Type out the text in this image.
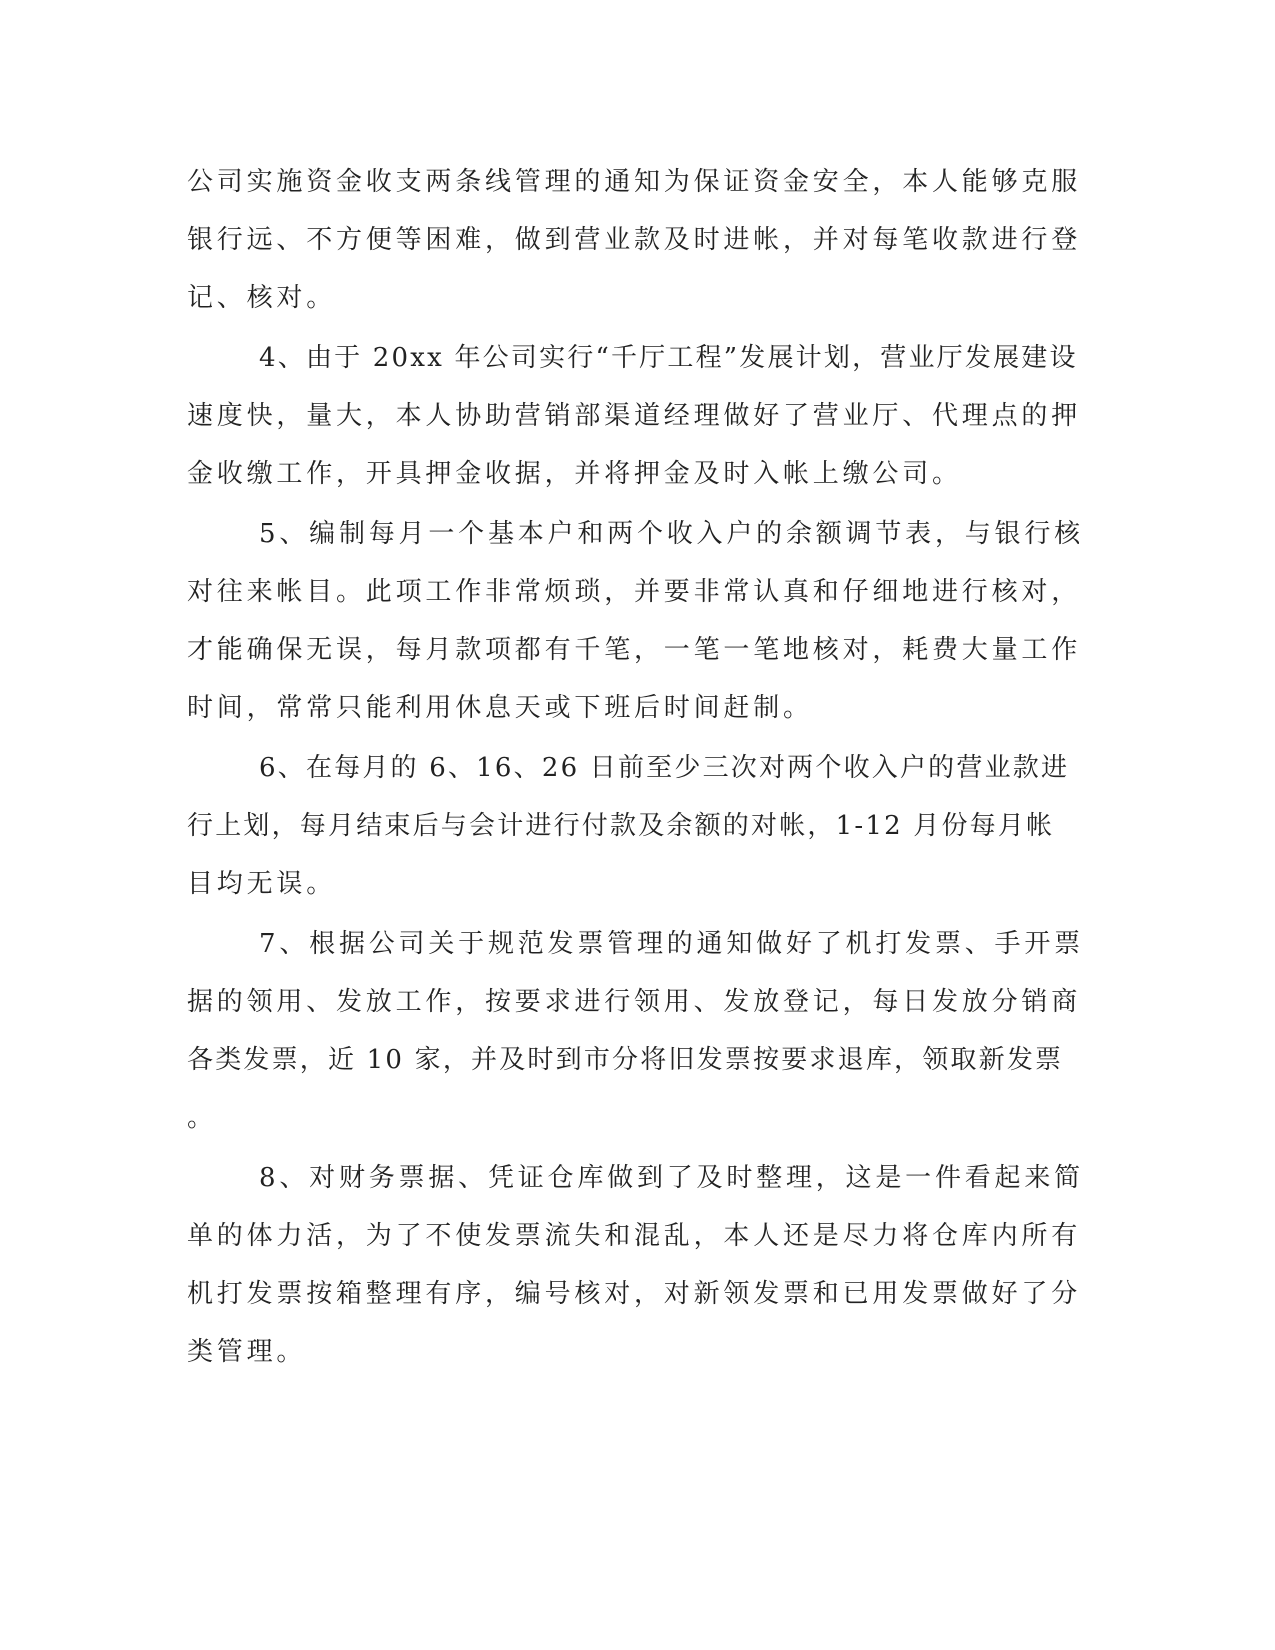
公司实施资金收支两条线管理的通知为保证资金安全，本人能够克服
银行远、不方便等困难，做到营业款及时进帐，并对每笔收款进行登
记、核对。
4、由于 20xx 年公司实行“千厅工程”发展计划，营业厅发展建设
速度快，量大，本人协助营销部渠道经理做好了营业厅、代理点的押
金收缴工作，开具押金收据，并将押金及时入帐上缴公司。
5、编制每月一个基本户和两个收入户的余额调节表，与银行核
对往来帐目。此项工作非常烦琐，并要非常认真和仔细地进行核对，
才能确保无误，每月款项都有千笔，一笔一笔地核对，耗费大量工作
时间，常常只能利用休息天或下班后时间赶制。
6、在每月的 6、16、26 日前至少三次对两个收入户的营业款进
行上划，每月结束后与会计进行付款及余额的对帐，1-12 月份每月帐
目均无误。
7、根据公司关于规范发票管理的通知做好了机打发票、手开票
据的领用、发放工作，按要求进行领用、发放登记，每日发放分销商
各类发票，近 10 家，并及时到市分将旧发票按要求退库，领取新发票
。
8、对财务票据、凭证仓库做到了及时整理，这是一件看起来简
单的体力活，为了不使发票流失和混乱，本人还是尽力将仓库内所有
机打发票按箱整理有序，编号核对，对新领发票和已用发票做好了分
类管理。
